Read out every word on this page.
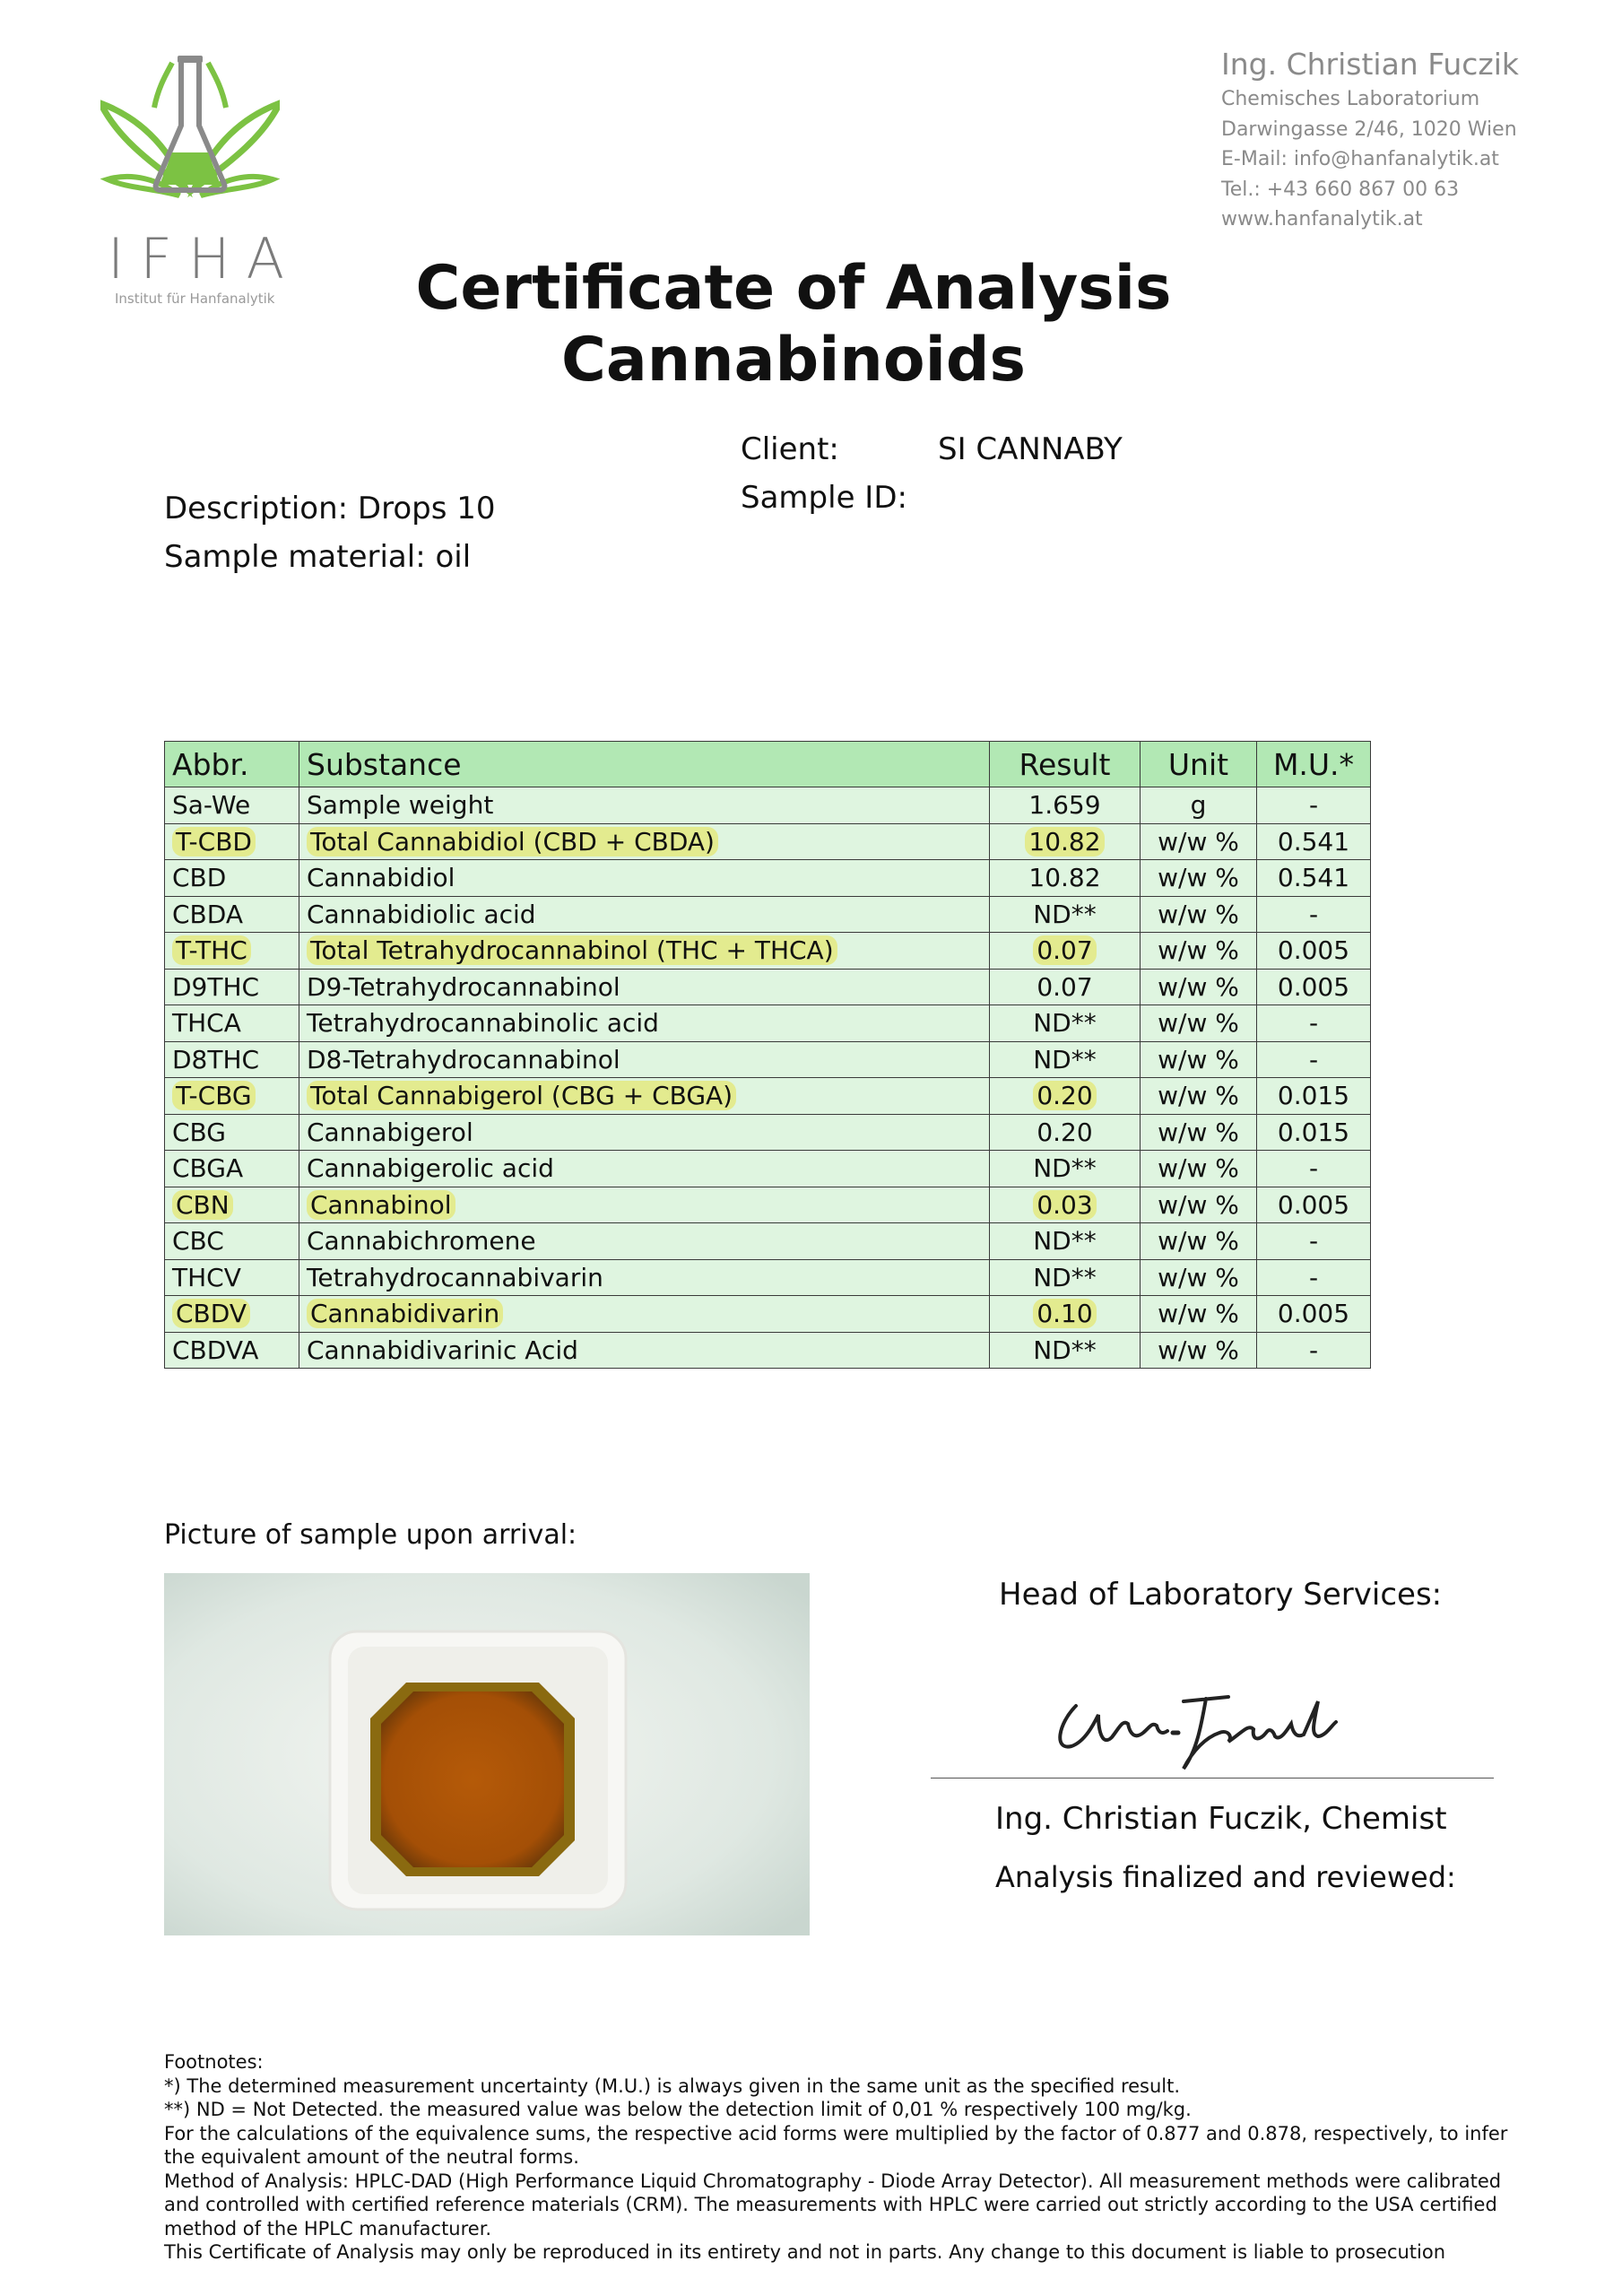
IFHA
Institut für Hanfanalytik
Ing. Christian Fuczik
Chemisches Laboratorium
Darwingasse 2/46, 1020 Wien
E-Mail: info@hanfanalytik.at
Tel.: +43 660 867 00 63
www.hanfanalytik.at
Certificate of Analysis
Cannabinoids
Client:	SI CANNABY
Sample ID:
Description: Drops 10
Sample material: oil
Abbr.	Substance	Result	Unit	M.U.*
Sa-We	Sample weight	1.659	g	-
T-CBD	Total Cannabidiol (CBD + CBDA)	10.82	w/w %	0.541
CBD	Cannabidiol	10.82	w/w %	0.541
CBDA	Cannabidiolic acid	ND**	w/w %	-
T-THC	Total Tetrahydrocannabinol (THC + THCA)	0.07	w/w %	0.005
D9THC	D9-Tetrahydrocannabinol	0.07	w/w %	0.005
THCA	Tetrahydrocannabinolic acid	ND**	w/w %	-
D8THC	D8-Tetrahydrocannabinol	ND**	w/w %	-
T-CBG	Total Cannabigerol (CBG + CBGA)	0.20	w/w %	0.015
CBG	Cannabigerol	0.20	w/w %	0.015
CBGA	Cannabigerolic acid	ND**	w/w %	-
CBN	Cannabinol	0.03	w/w %	0.005
CBC	Cannabichromene	ND**	w/w %	-
THCV	Tetrahydrocannabivarin	ND**	w/w %	-
CBDV	Cannabidivarin	0.10	w/w %	0.005
CBDVA	Cannabidivarinic Acid	ND**	w/w %	-
Picture of sample upon arrival:
Head of Laboratory Services:
Ing. Christian Fuczik, Chemist
Analysis finalized and reviewed:

Footnotes:

*) The determined measurement uncertainty (M.U.) is always given in the same unit as the specified result.

**) ND = Not Detected. the measured value was below the detection limit of 0,01 % respectively 100 mg/kg.

For the calculations of the equivalence sums, the respective acid forms were multiplied by the factor of 0.877 and 0.878, respectively, to infer the equivalent amount of the neutral forms.

Method of Analysis: HPLC-DAD (High Performance Liquid Chromatography - Diode Array Detector). All measurement methods were calibrated and controlled with certified reference materials (CRM). The measurements with HPLC were carried out strictly according to the USA certified method of the HPLC manufacturer.

This Certificate of Analysis may only be reproduced in its entirety and not in parts. Any change to this document is liable to prosecution
